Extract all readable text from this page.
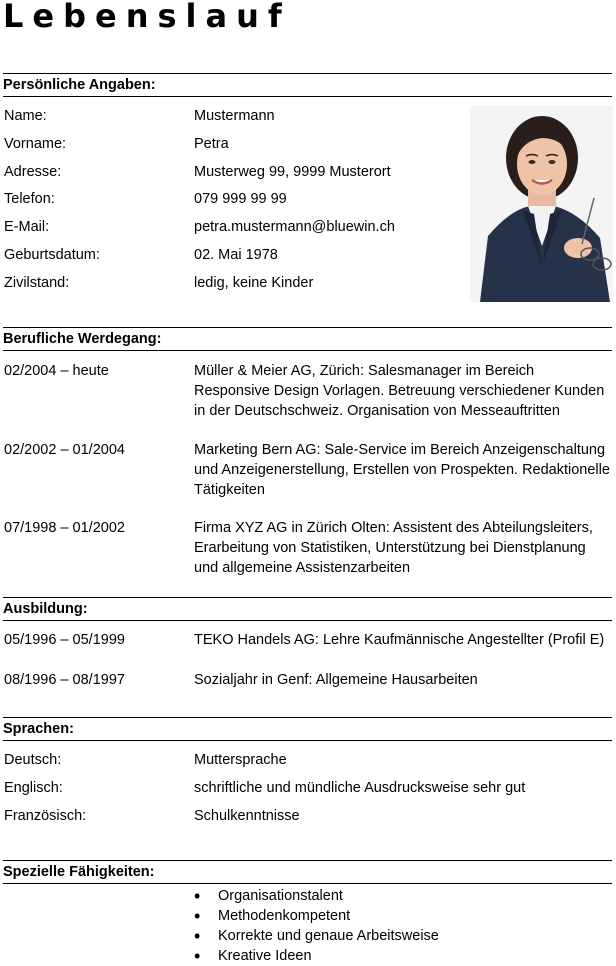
Lebenslauf
Persönliche Angaben:
Name:	Mustermann
Vorname:	Petra
Adresse:	Musterweg 99, 9999 Musterort
Telefon:	079 999 99 99
E-Mail:	petra.mustermann@bluewin.ch
Geburtsdatum:	02. Mai 1978
Zivilstand:	ledig, keine Kinder
Berufliche Werdegang:
02/2004 – heute	Müller & Meier AG, Zürich: Salesmanager im Bereich Responsive Design Vorlagen. Betreuung verschiedener Kunden in der Deutschschweiz. Organisation von Messeauftritten
02/2002 – 01/2004	Marketing Bern AG: Sale-Service im Bereich Anzeigenschaltung und Anzeigenerstellung, Erstellen von Prospekten. Redaktionelle Tätigkeiten
07/1998 – 01/2002	Firma XYZ AG in Zürich Olten: Assistent des Abteilungsleiters, Erarbeitung von Statistiken, Unterstützung bei Dienstplanung und allgemeine Assistenzarbeiten
Ausbildung:
05/1996 – 05/1999	TEKO Handels AG: Lehre Kaufmännische Angestellter (Profil E)
08/1996 – 08/1997	Sozialjahr in Genf: Allgemeine Hausarbeiten
Sprachen:
Deutsch:	Muttersprache
Englisch:	schriftliche und mündliche Ausdrucksweise sehr gut
Französisch:	Schulkenntnisse
Spezielle Fähigkeiten:
• Organisationstalent
• Methodenkompetent
• Korrekte und genaue Arbeitsweise
• Kreative Ideen
